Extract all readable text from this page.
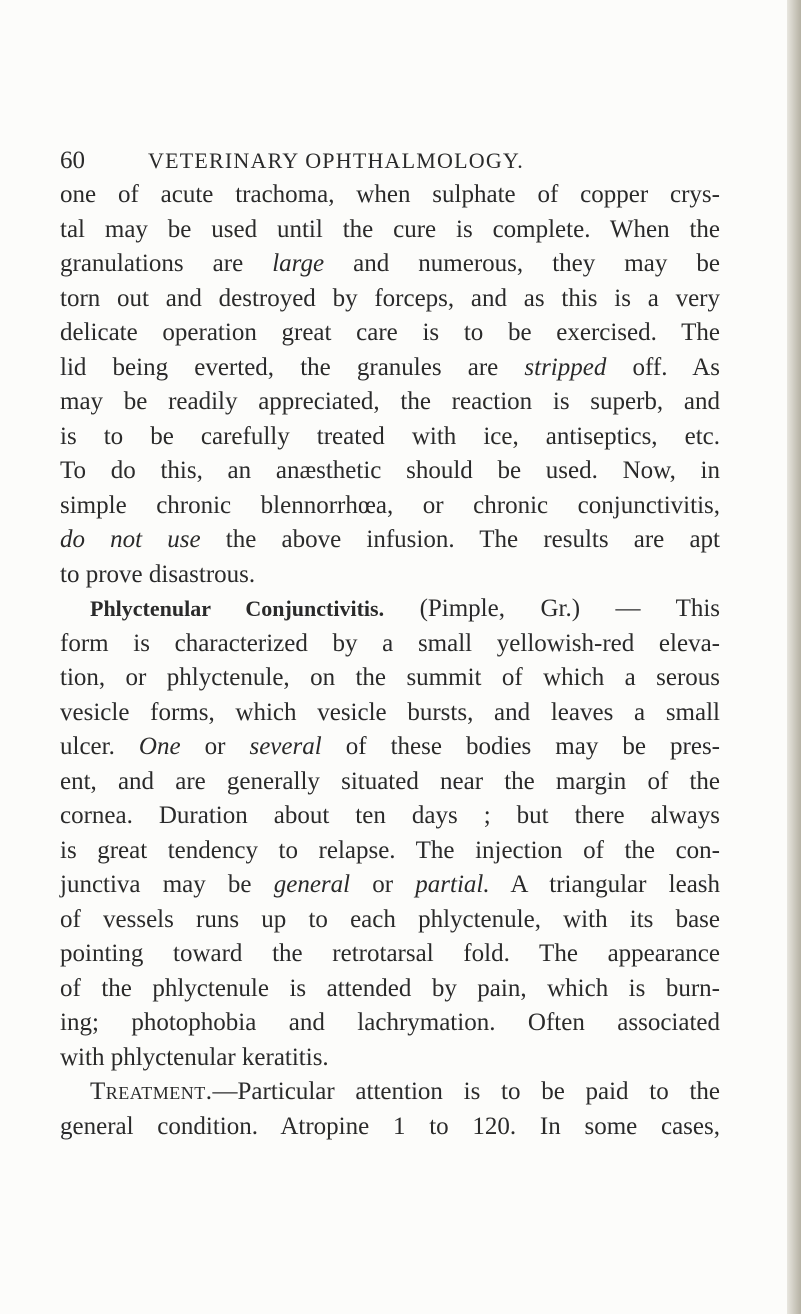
60	VETERINARY OPHTHALMOLOGY.
one of acute trachoma, when sulphate of copper crys-
tal may be used until the cure is complete. When the
granulations are large and numerous, they may be
torn out and destroyed by forceps, and as this is a very
delicate operation great care is to be exercised. The
lid being everted, the granules are stripped off. As
may be readily appreciated, the reaction is superb, and
is to be carefully treated with ice, antiseptics, etc.
To do this, an anæsthetic should be used. Now, in
simple chronic blennorrhœa, or chronic conjunctivitis,
do not use the above infusion. The results are apt
to prove disastrous.
Phlyctenular Conjunctivitis. (Pimple, Gr.) — This
form is characterized by a small yellowish-red eleva-
tion, or phlyctenule, on the summit of which a serous
vesicle forms, which vesicle bursts, and leaves a small
ulcer. One or several of these bodies may be pres-
ent, and are generally situated near the margin of the
cornea. Duration about ten days ; but there always
is great tendency to relapse. The injection of the con-
junctiva may be general or partial. A triangular leash
of vessels runs up to each phlyctenule, with its base
pointing toward the retrotarsal fold. The appearance
of the phlyctenule is attended by pain, which is burn-
ing; photophobia and lachrymation. Often associated
with phlyctenular keratitis.
Treatment.—Particular attention is to be paid to the
general condition. Atropine 1 to 120. In some cases,
